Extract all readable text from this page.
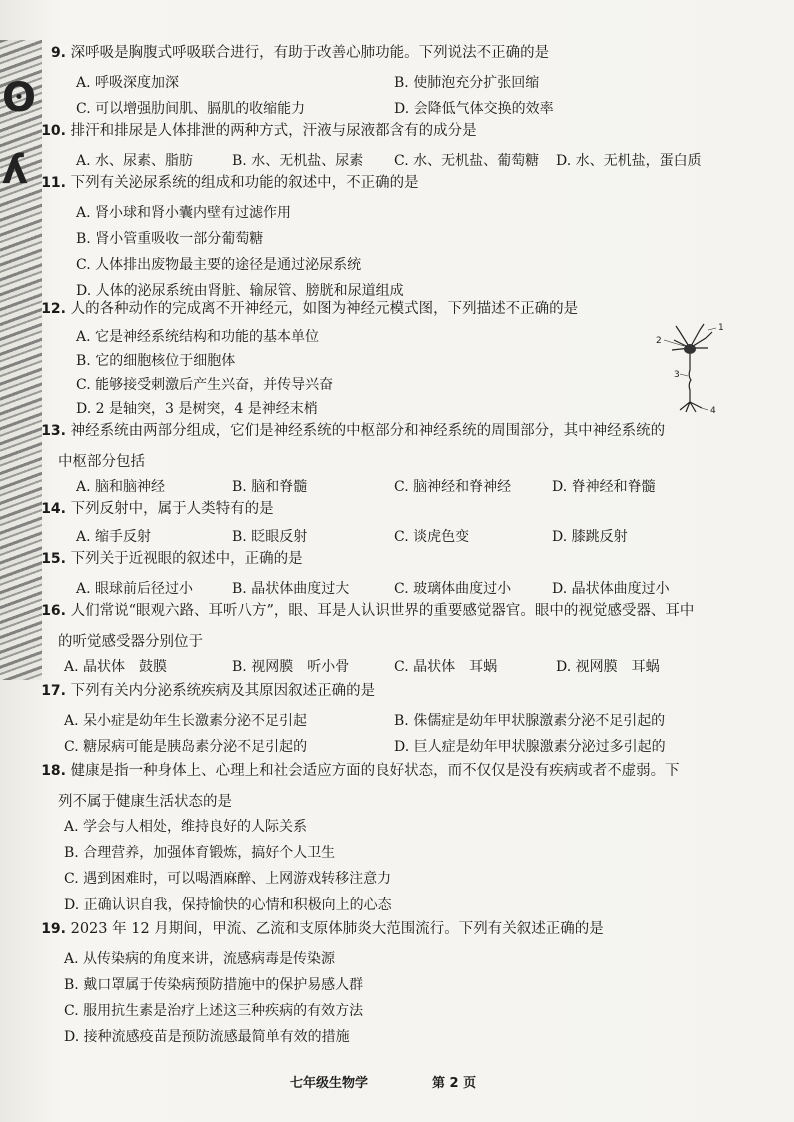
ʘ
ʎ
9. 深呼吸是胸腹式呼吸联合进行，有助于改善心肺功能。下列说法不正确的是
A. 呼吸深度加深	B. 使肺泡充分扩张回缩
C. 可以增强肋间肌、膈肌的收缩能力	D. 会降低气体交换的效率
10. 排汗和排尿是人体排泄的两种方式，汗液与尿液都含有的成分是
A. 水、尿素、脂肪	B. 水、无机盐、尿素 C. 水、无机盐、葡萄糖 D. 水、无机盐，蛋白质
11. 下列有关泌尿系统的组成和功能的叙述中，不正确的是
A. 肾小球和肾小囊内壁有过滤作用
B. 肾小管重吸收一部分葡萄糖
C. 人体排出废物最主要的途径是通过泌尿系统
D. 人体的泌尿系统由肾脏、输尿管、膀胱和尿道组成
12. 人的各种动作的完成离不开神经元，如图为神经元模式图，下列描述不正确的是
A. 它是神经系统结构和功能的基本单位
B. 它的细胞核位于细胞体
C. 能够接受刺激后产生兴奋，并传导兴奋
D. 2 是轴突，3 是树突，4 是神经末梢
1
2
3
4
13. 神经系统由两部分组成，它们是神经系统的中枢部分和神经系统的周围部分，其中神经系统的
中枢部分包括
A. 脑和脑神经	B. 脑和脊髓	C. 脑神经和脊神经	D. 脊神经和脊髓
14. 下列反射中，属于人类特有的是
A. 缩手反射	B. 眨眼反射	C. 谈虎色变	D. 膝跳反射
15. 下列关于近视眼的叙述中，正确的是
A. 眼球前后径过小	B. 晶状体曲度过大	C. 玻璃体曲度过小	D. 晶状体曲度过小
16. 人们常说“眼观六路、耳听八方”，眼、耳是人认识世界的重要感觉器官。眼中的视觉感受器、耳中
的听觉感受器分别位于
A. 晶状体　鼓膜	B. 视网膜　听小骨	C. 晶状体　耳蜗	D. 视网膜　耳蜗
17. 下列有关内分泌系统疾病及其原因叙述正确的是
A. 呆小症是幼年生长激素分泌不足引起	B. 侏儒症是幼年甲状腺激素分泌不足引起的
C. 糖尿病可能是胰岛素分泌不足引起的	D. 巨人症是幼年甲状腺激素分泌过多引起的
18. 健康是指一种身体上、心理上和社会适应方面的良好状态，而不仅仅是没有疾病或者不虚弱。下
列不属于健康生活状态的是
A. 学会与人相处，维持良好的人际关系
B. 合理营养，加强体育锻炼，搞好个人卫生
C. 遇到困难时，可以喝酒麻醉、上网游戏转移注意力
D. 正确认识自我，保持愉快的心情和积极向上的心态
19. 2023 年 12 月期间，甲流、乙流和支原体肺炎大范围流行。下列有关叙述正确的是
A. 从传染病的角度来讲，流感病毒是传染源
B. 戴口罩属于传染病预防措施中的保护易感人群
C. 服用抗生素是治疗上述这三种疾病的有效方法
D. 接种流感疫苗是预防流感最简单有效的措施
七年级生物学	第 2 页
